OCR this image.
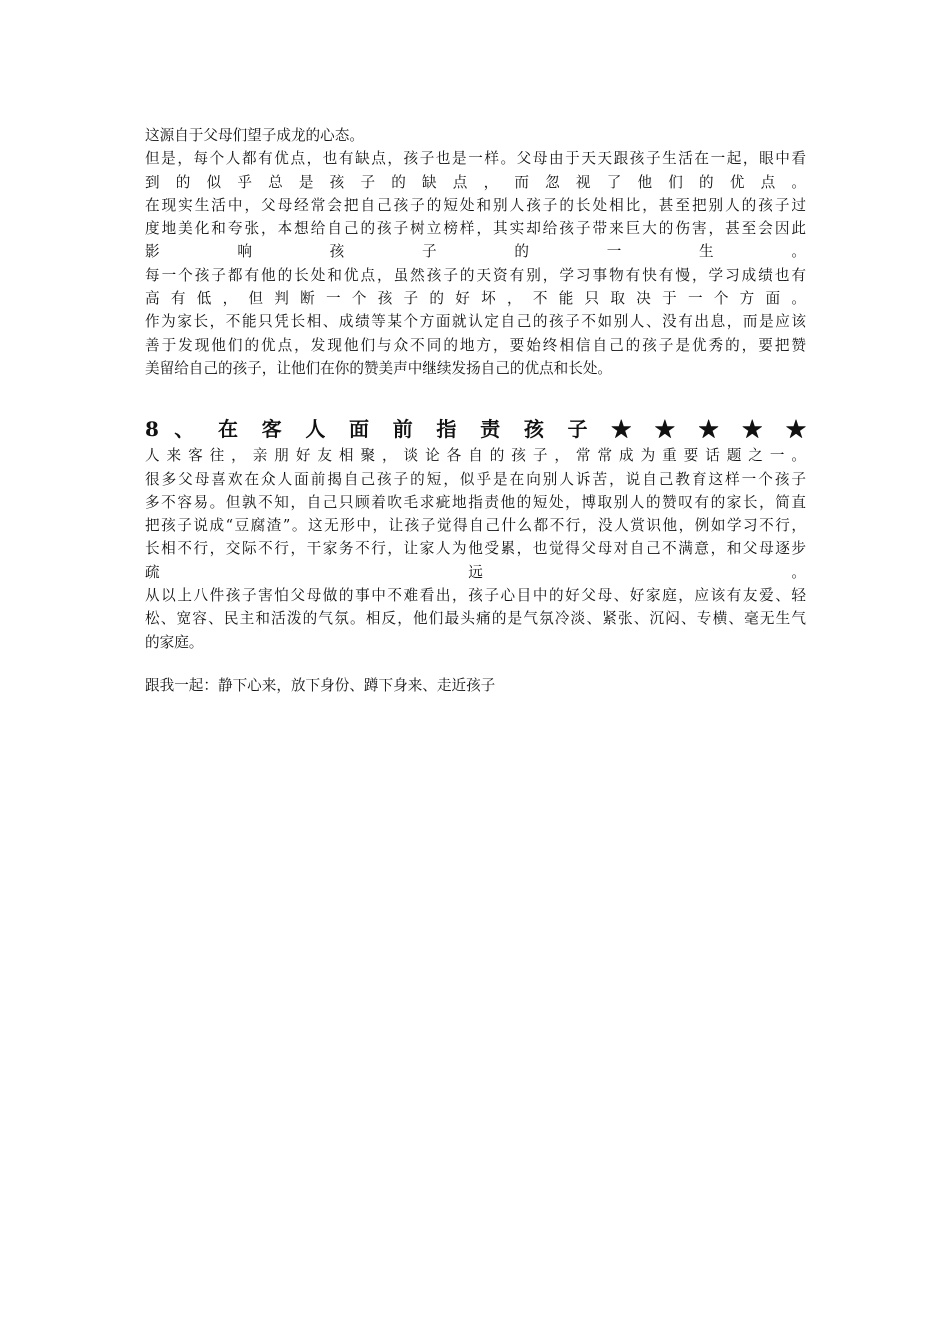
这源自于父母们望子成龙的心态。
但是，每个人都有优点，也有缺点，孩子也是一样。父母由于天天跟孩子生活在一起，眼中看
到 的 似 乎 总 是 孩 子 的 缺 点 ， 而 忽 视 了 他 们 的 优 点 。
在现实生活中，父母经常会把自己孩子的短处和别人孩子的长处相比，甚至把别人的孩子过
度地美化和夸张，本想给自己的孩子树立榜样，其实却给孩子带来巨大的伤害，甚至会因此
影 响 孩 子 的 一 生 。
每一个孩子都有他的长处和优点，虽然孩子的天资有别，学习事物有快有慢，学习成绩也有
高 有 低 ， 但 判 断 一 个 孩 子 的 好 坏 ， 不 能 只 取 决 于 一 个 方 面 。
作为家长，不能只凭长相、成绩等某个方面就认定自己的孩子不如别人、没有出息，而是应该
善于发现他们的优点，发现他们与众不同的地方，要始终相信自己的孩子是优秀的，要把赞
美留给自己的孩子，让他们在你的赞美声中继续发扬自己的优点和长处。
8 、 在 客 人 面 前 指 责 孩 子 ★ ★ ★ ★ ★
人 来 客 往 ， 亲 朋 好 友 相 聚 ， 谈 论 各 自 的 孩 子 ， 常 常 成 为 重 要 话 题 之 一 。
很多父母喜欢在众人面前揭自己孩子的短，似乎是在向别人诉苦，说自己教育这样一个孩子
多不容易。但孰不知，自己只顾着吹毛求疵地指责他的短处，博取别人的赞叹有的家长，简直
把孩子说成“豆腐渣”。这无形中，让孩子觉得自己什么都不行，没人赏识他，例如学习不行，
长相不行，交际不行，干家务不行，让家人为他受累，也觉得父母对自己不满意，和父母逐步
疏 远 。
从以上八件孩子害怕父母做的事中不难看出，孩子心目中的好父母、好家庭，应该有友爱、轻
松、宽容、民主和活泼的气氛。相反，他们最头痛的是气氛冷淡、紧张、沉闷、专横、毫无生气
的家庭。
跟我一起：静下心来，放下身份、蹲下身来、走近孩子
